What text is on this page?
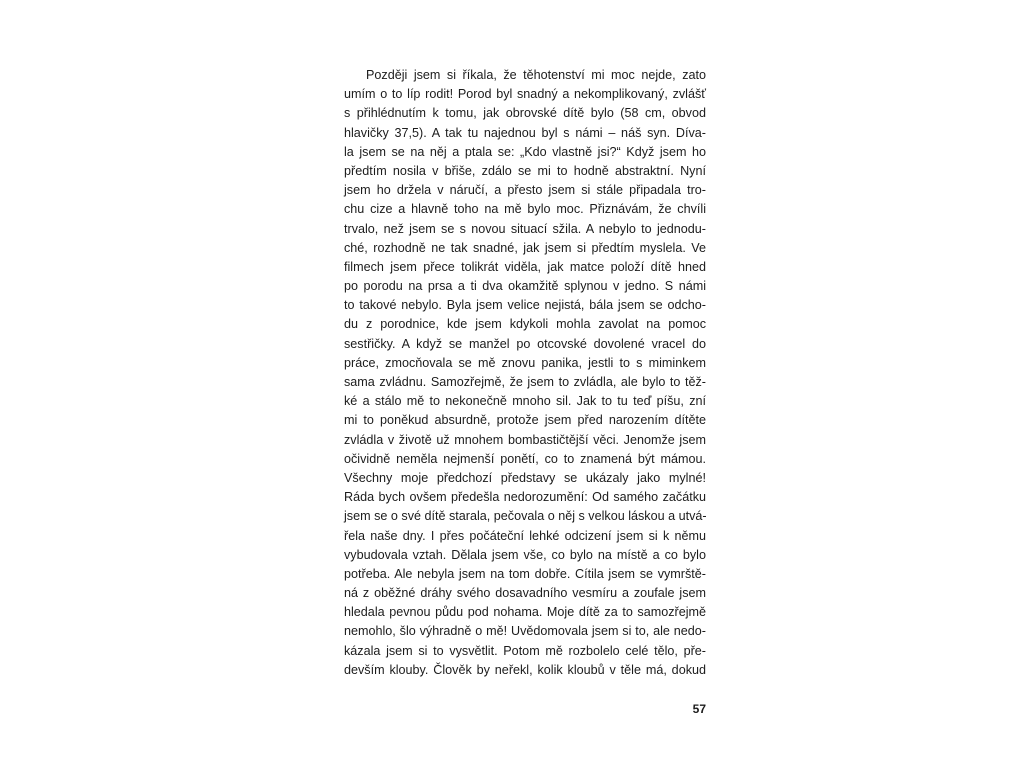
Později jsem si říkala, že těhotenství mi moc nejde, zato
umím o to líp rodit! Porod byl snadný a nekomplikovaný, zvlášť
s přihlédnutím k tomu, jak obrovské dítě bylo (58 cm, obvod
hlavičky 37,5). A tak tu najednou byl s námi – náš syn. Díva-
la jsem se na něj a ptala se: „Kdo vlastně jsi?“ Když jsem ho
předtím nosila v břiše, zdálo se mi to hodně abstraktní. Nyní
jsem ho držela v náručí, a přesto jsem si stále připadala tro-
chu cize a hlavně toho na mě bylo moc. Přiznávám, že chvíli
trvalo, než jsem se s novou situací sžila. A nebylo to jednodu-
ché, rozhodně ne tak snadné, jak jsem si předtím myslela. Ve
filmech jsem přece tolikrát viděla, jak matce položí dítě hned
po porodu na prsa a ti dva okamžitě splynou v jedno. S námi
to takové nebylo. Byla jsem velice nejistá, bála jsem se odcho-
du z porodnice, kde jsem kdykoli mohla zavolat na pomoc
sestřičky. A když se manžel po otcovské dovolené vracel do
práce, zmocňovala se mě znovu panika, jestli to s miminkem
sama zvládnu. Samozřejmě, že jsem to zvládla, ale bylo to těž-
ké a stálo mě to nekonečně mnoho sil. Jak to tu teď píšu, zní
mi to poněkud absurdně, protože jsem před narozením dítěte
zvládla v životě už mnohem bombastičtější věci. Jenomže jsem
očividně neměla nejmenší ponětí, co to znamená být mámou.
Všechny moje předchozí představy se ukázaly jako mylné!
Ráda bych ovšem předešla nedorozumění: Od samého začátku
jsem se o své dítě starala, pečovala o něj s velkou láskou a utvá-
řela naše dny. I přes počáteční lehké odcizení jsem si k němu
vybudovala vztah. Dělala jsem vše, co bylo na místě a co bylo
potřeba. Ale nebyla jsem na tom dobře. Cítila jsem se vymrště-
ná z oběžné dráhy svého dosavadního vesmíru a zoufale jsem
hledala pevnou půdu pod nohama. Moje dítě za to samozřejmě
nemohlo, šlo výhradně o mě! Uvědomovala jsem si to, ale nedo-
kázala jsem si to vysvětlit. Potom mě rozbolelo celé tělo, pře-
devším klouby. Člověk by neřekl, kolik kloubů v těle má, dokud
57
